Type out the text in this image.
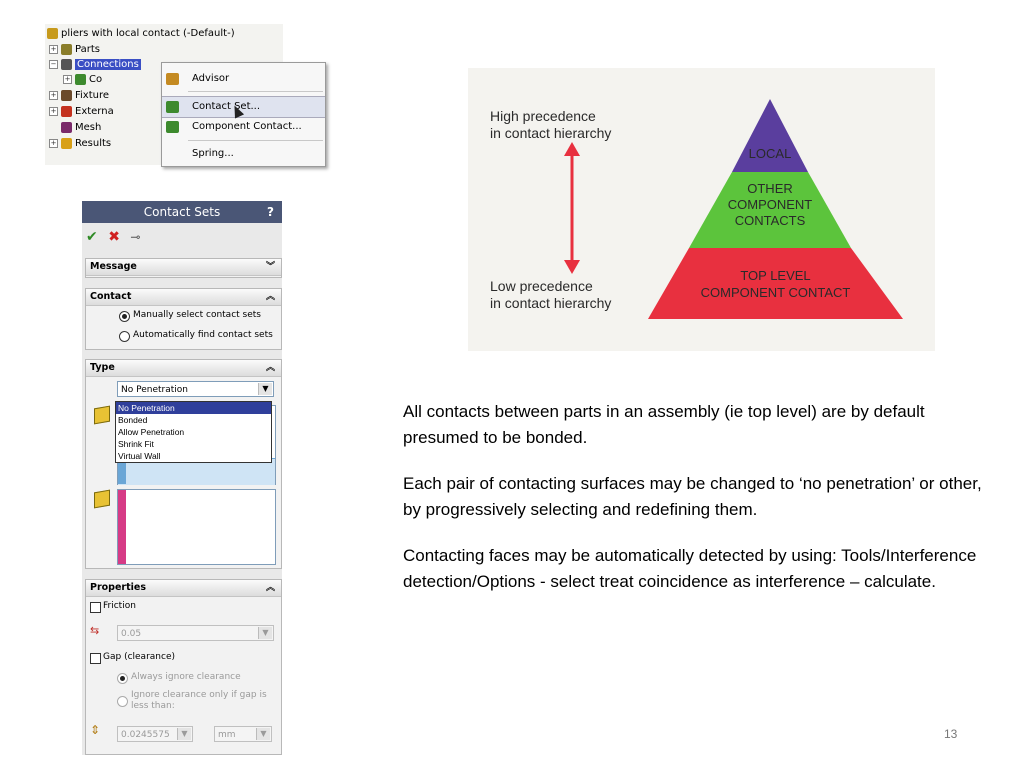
pliers with local contact (-Default-)
+ Parts
− Connections
+ Co
+ Fixture
+ Externa
Mesh
+ Results
Advisor
Contact Set...
Component Contact...
Spring...
Contact Sets	?
✔ ✖ ⊸
Message	︾
Contact	︽
Manually select contact sets
Automatically find contact sets
Type	︽
No Penetration	▼
Properties	︽
Friction
⇆	0.05	▼
Gap (clearance)
Always ignore clearance
Ignore clearance only if gap is less than:
⇕	0.0245575	▼	mm	▼
No Penetration
Bonded
Allow Penetration
Shrink Fit
Virtual Wall
High precedence
in contact hierarchy
Low precedence
in contact hierarchy
LOCAL
OTHER
COMPONENT
CONTACTS
TOP LEVEL
COMPONENT CONTACT

All contacts between parts in an assembly (ie top level) are by default presumed to be bonded.

Each pair of contacting surfaces may be changed to ‘no penetration’ or other, by progressively selecting and redefining them.

Contacting faces may be automatically detected by using: Tools/Interference detection/Options - select treat coincidence as interference – calculate.

13
